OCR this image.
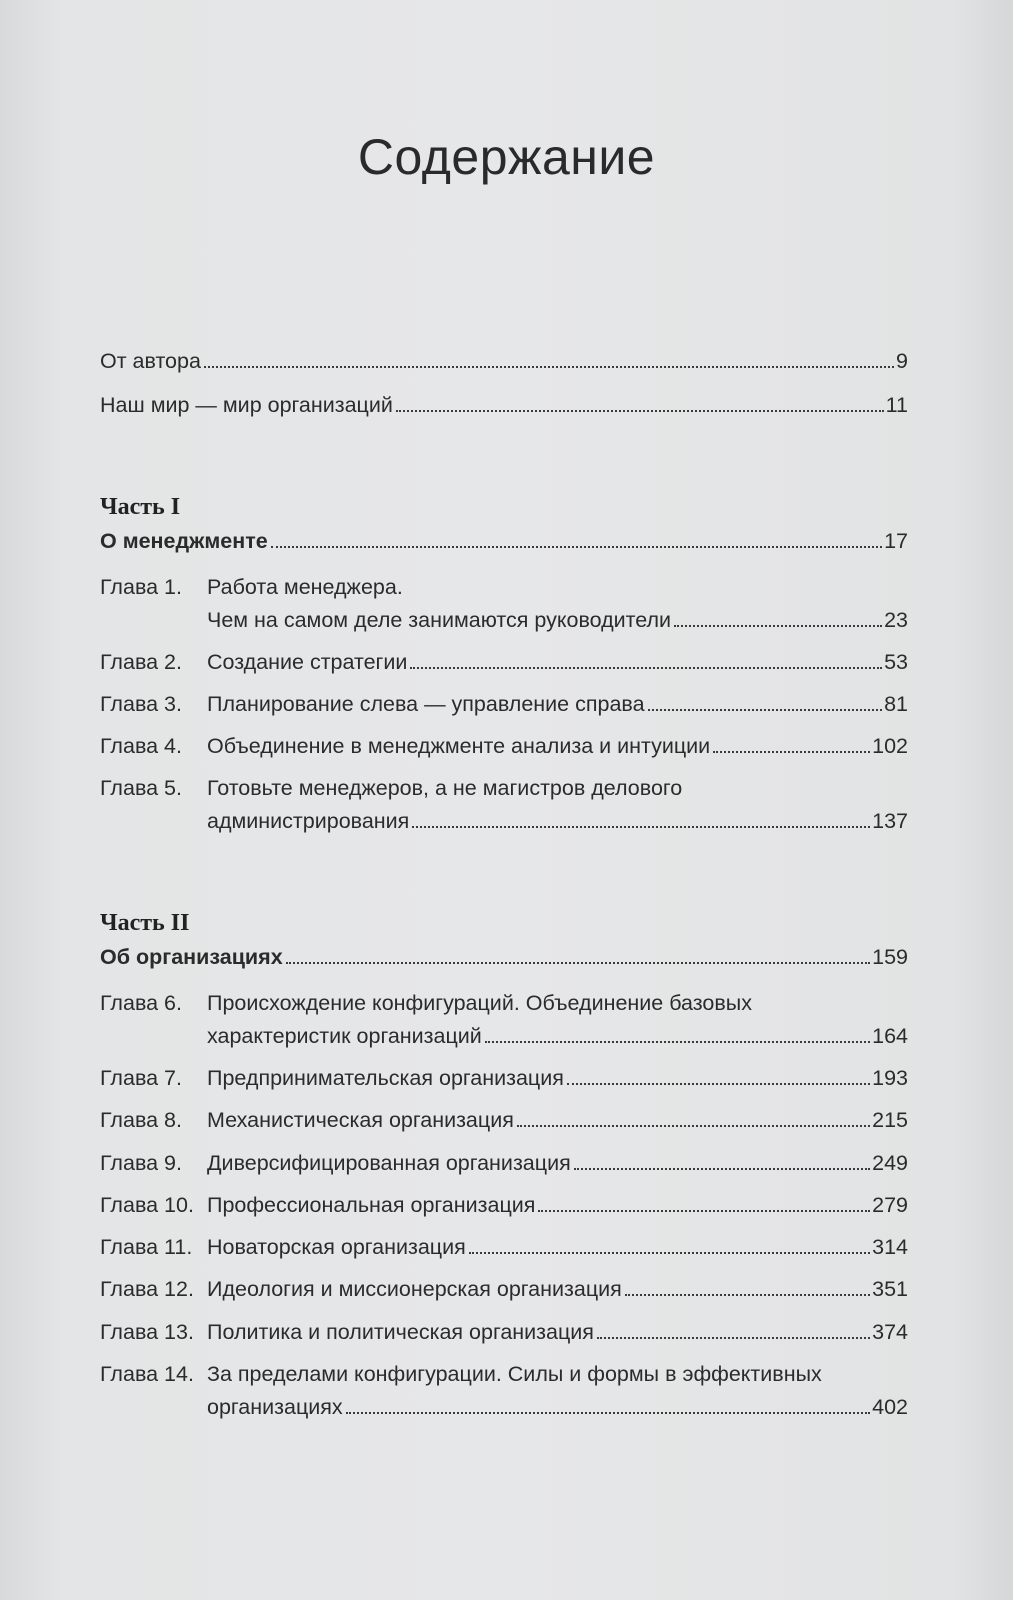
Содержание
От автора	9
Наш мир — мир организаций	11
Часть I
О менеджменте	17
Глава 1.	Работа менеджера.
Чем на самом деле занимаются руководители	23
Глава 2.	Создание стратегии	53
Глава 3.	Планирование слева — управление справа	81
Глава 4.	Объединение в менеджменте анализа и интуиции	102
Глава 5.	Готовьте менеджеров, а не магистров делового
администрирования	137
Часть II
Об организациях	159
Глава 6.	Происхождение конфигураций. Объединение базовых
характеристик организаций	164
Глава 7.	Предпринимательская организация	193
Глава 8.	Механистическая организация	215
Глава 9.	Диверсифицированная организация	249
Глава 10. Профессиональная организация	279
Глава 11. Новаторская организация	314
Глава 12. Идеология и миссионерская организация	351
Глава 13. Политика и политическая организация	374
Глава 14. За пределами конфигурации. Силы и формы в эффективных
организациях	402
